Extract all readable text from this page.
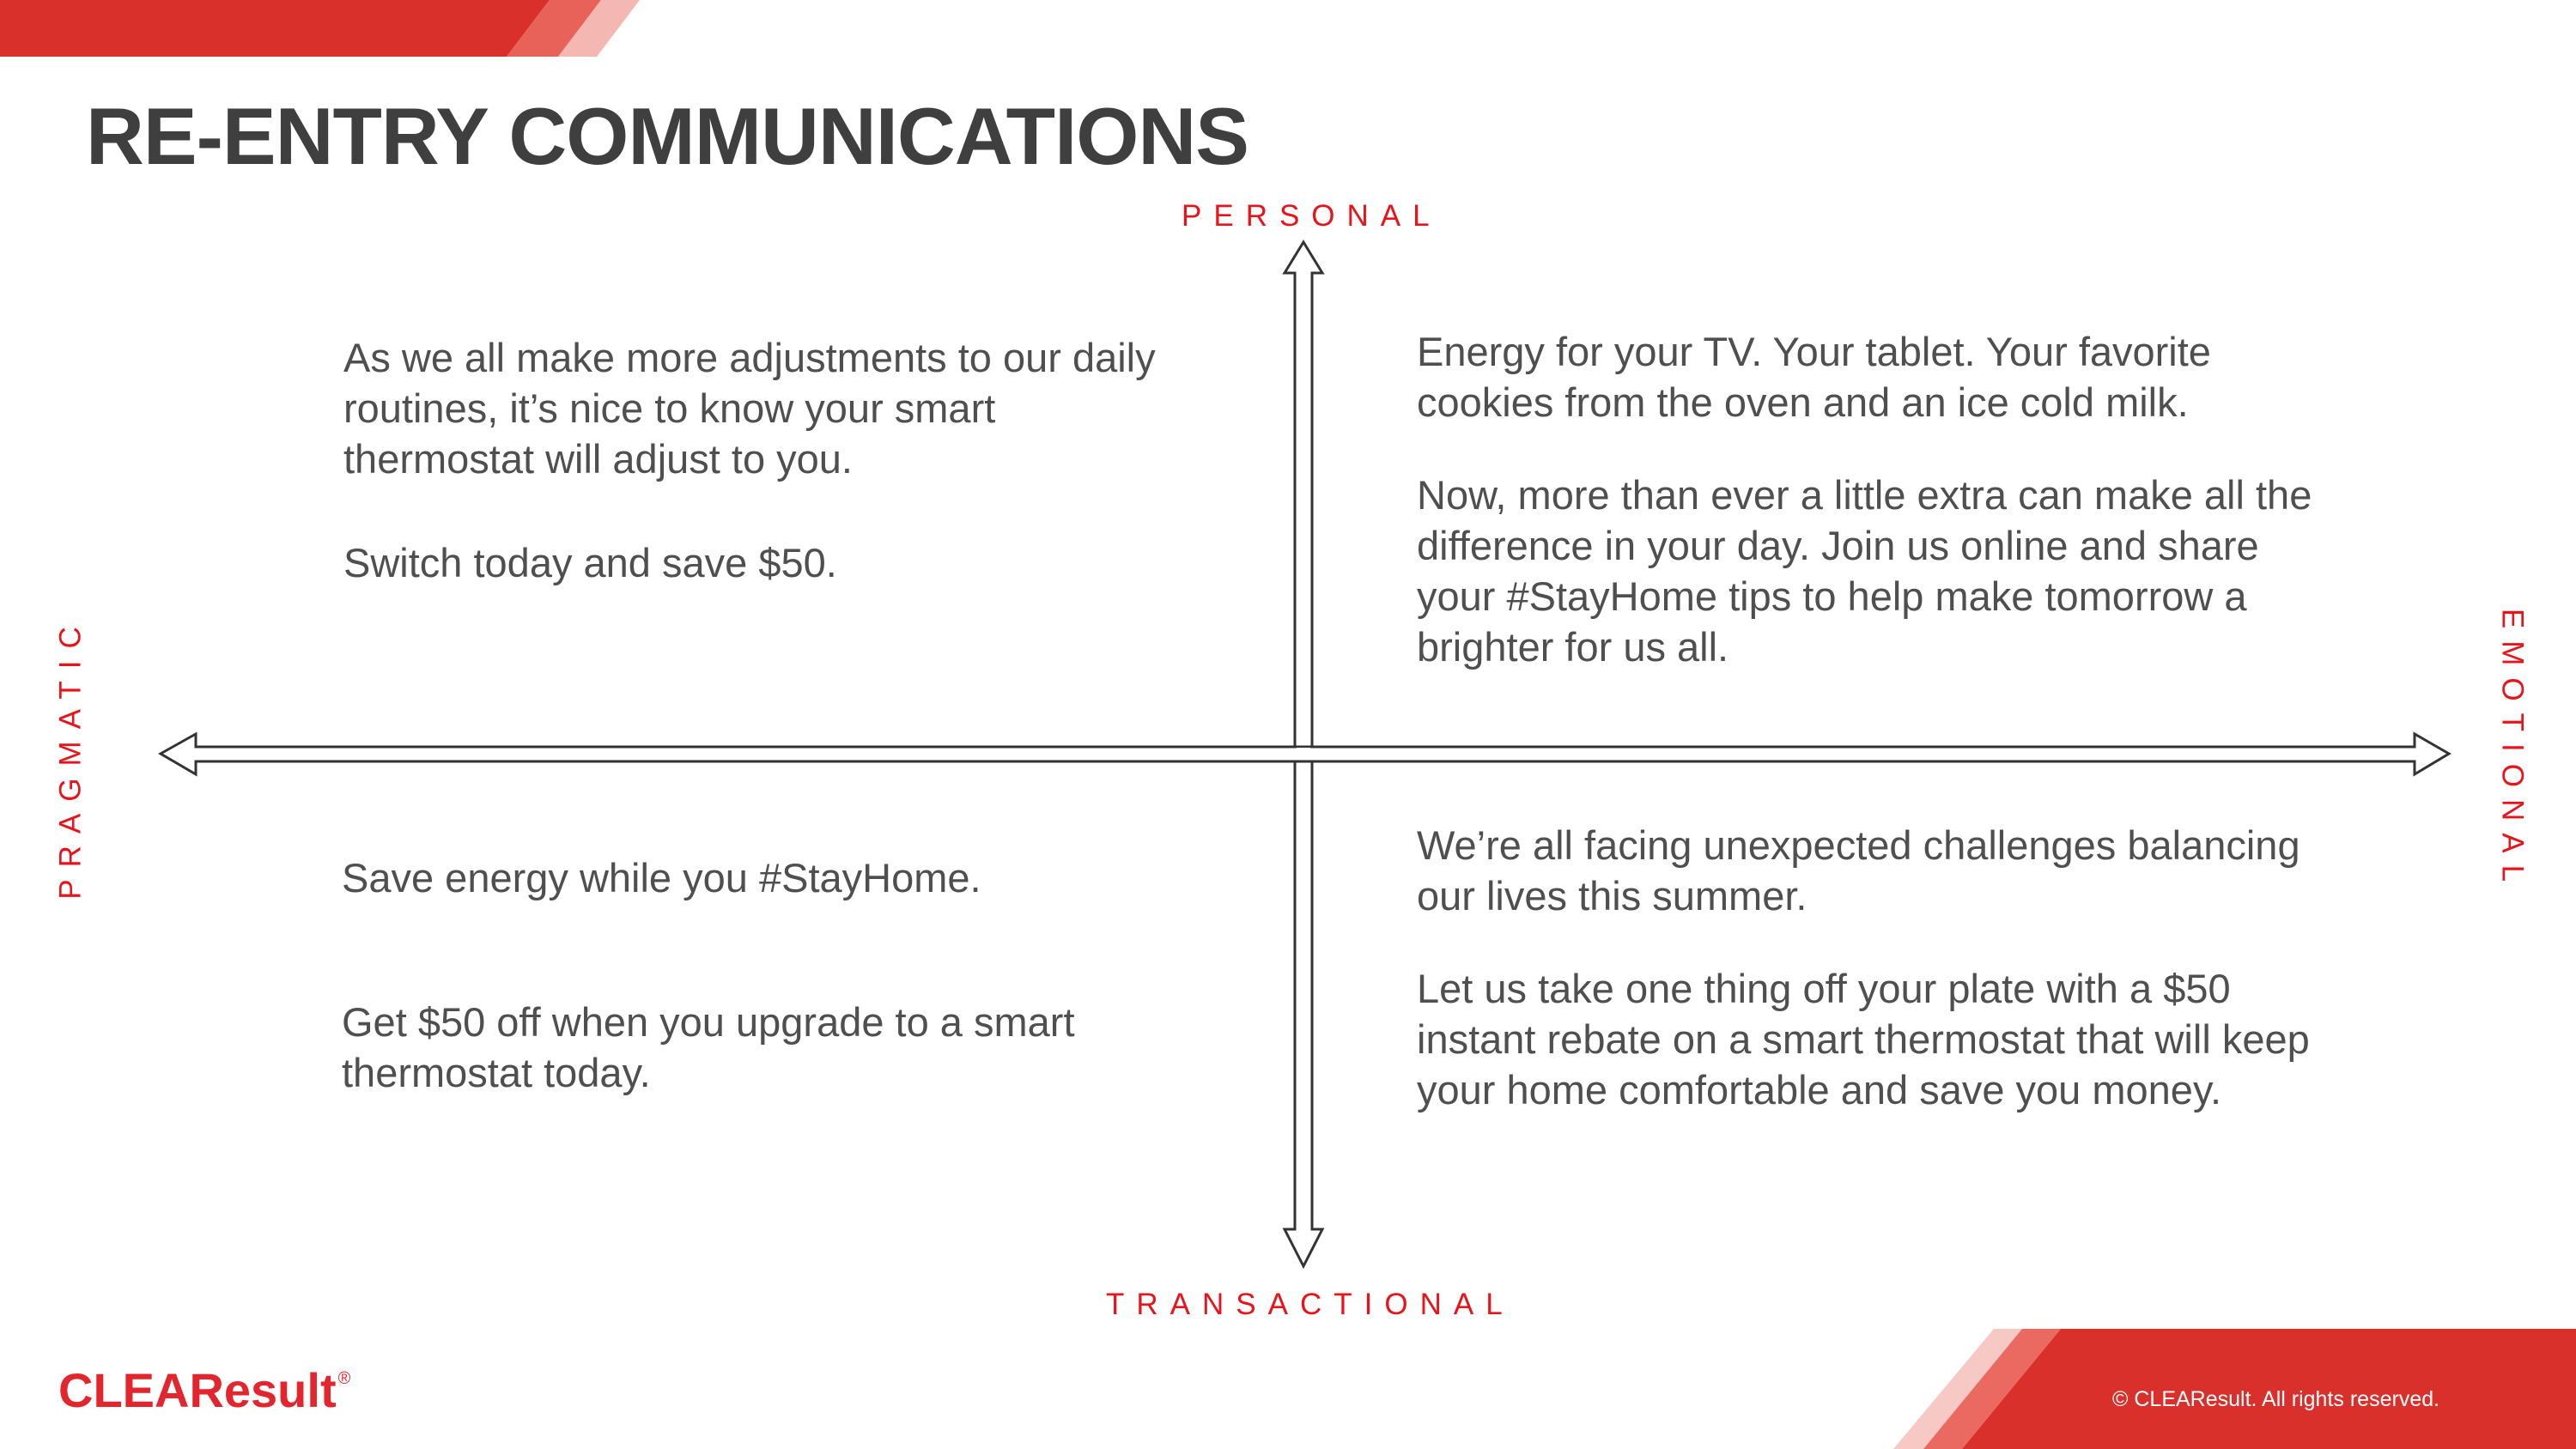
RE-ENTRY COMMUNICATIONS
PERSONAL
TRANSACTIONAL
PRAGMATIC	EMOTIONAL

As we all make more adjustments to our daily routines, it’s nice to know your smart thermostat will adjust to you.

Switch today and save $50.

Energy for your TV. Your tablet. Your favorite cookies from the oven and an ice cold milk.

Now, more than ever a little extra can make all the difference in your day. Join us online and share your #StayHome tips to help make tomorrow a brighter for us all.

Save energy while you #StayHome.

Get $50 off when you upgrade to a smart thermostat today.

We’re all facing unexpected challenges balancing our lives this summer.

Let us take one thing off your plate with a $50 instant rebate on a smart thermostat that will keep your home comfortable and save you money.

© CLEAResult. All rights reserved.
CLEAResult ®
